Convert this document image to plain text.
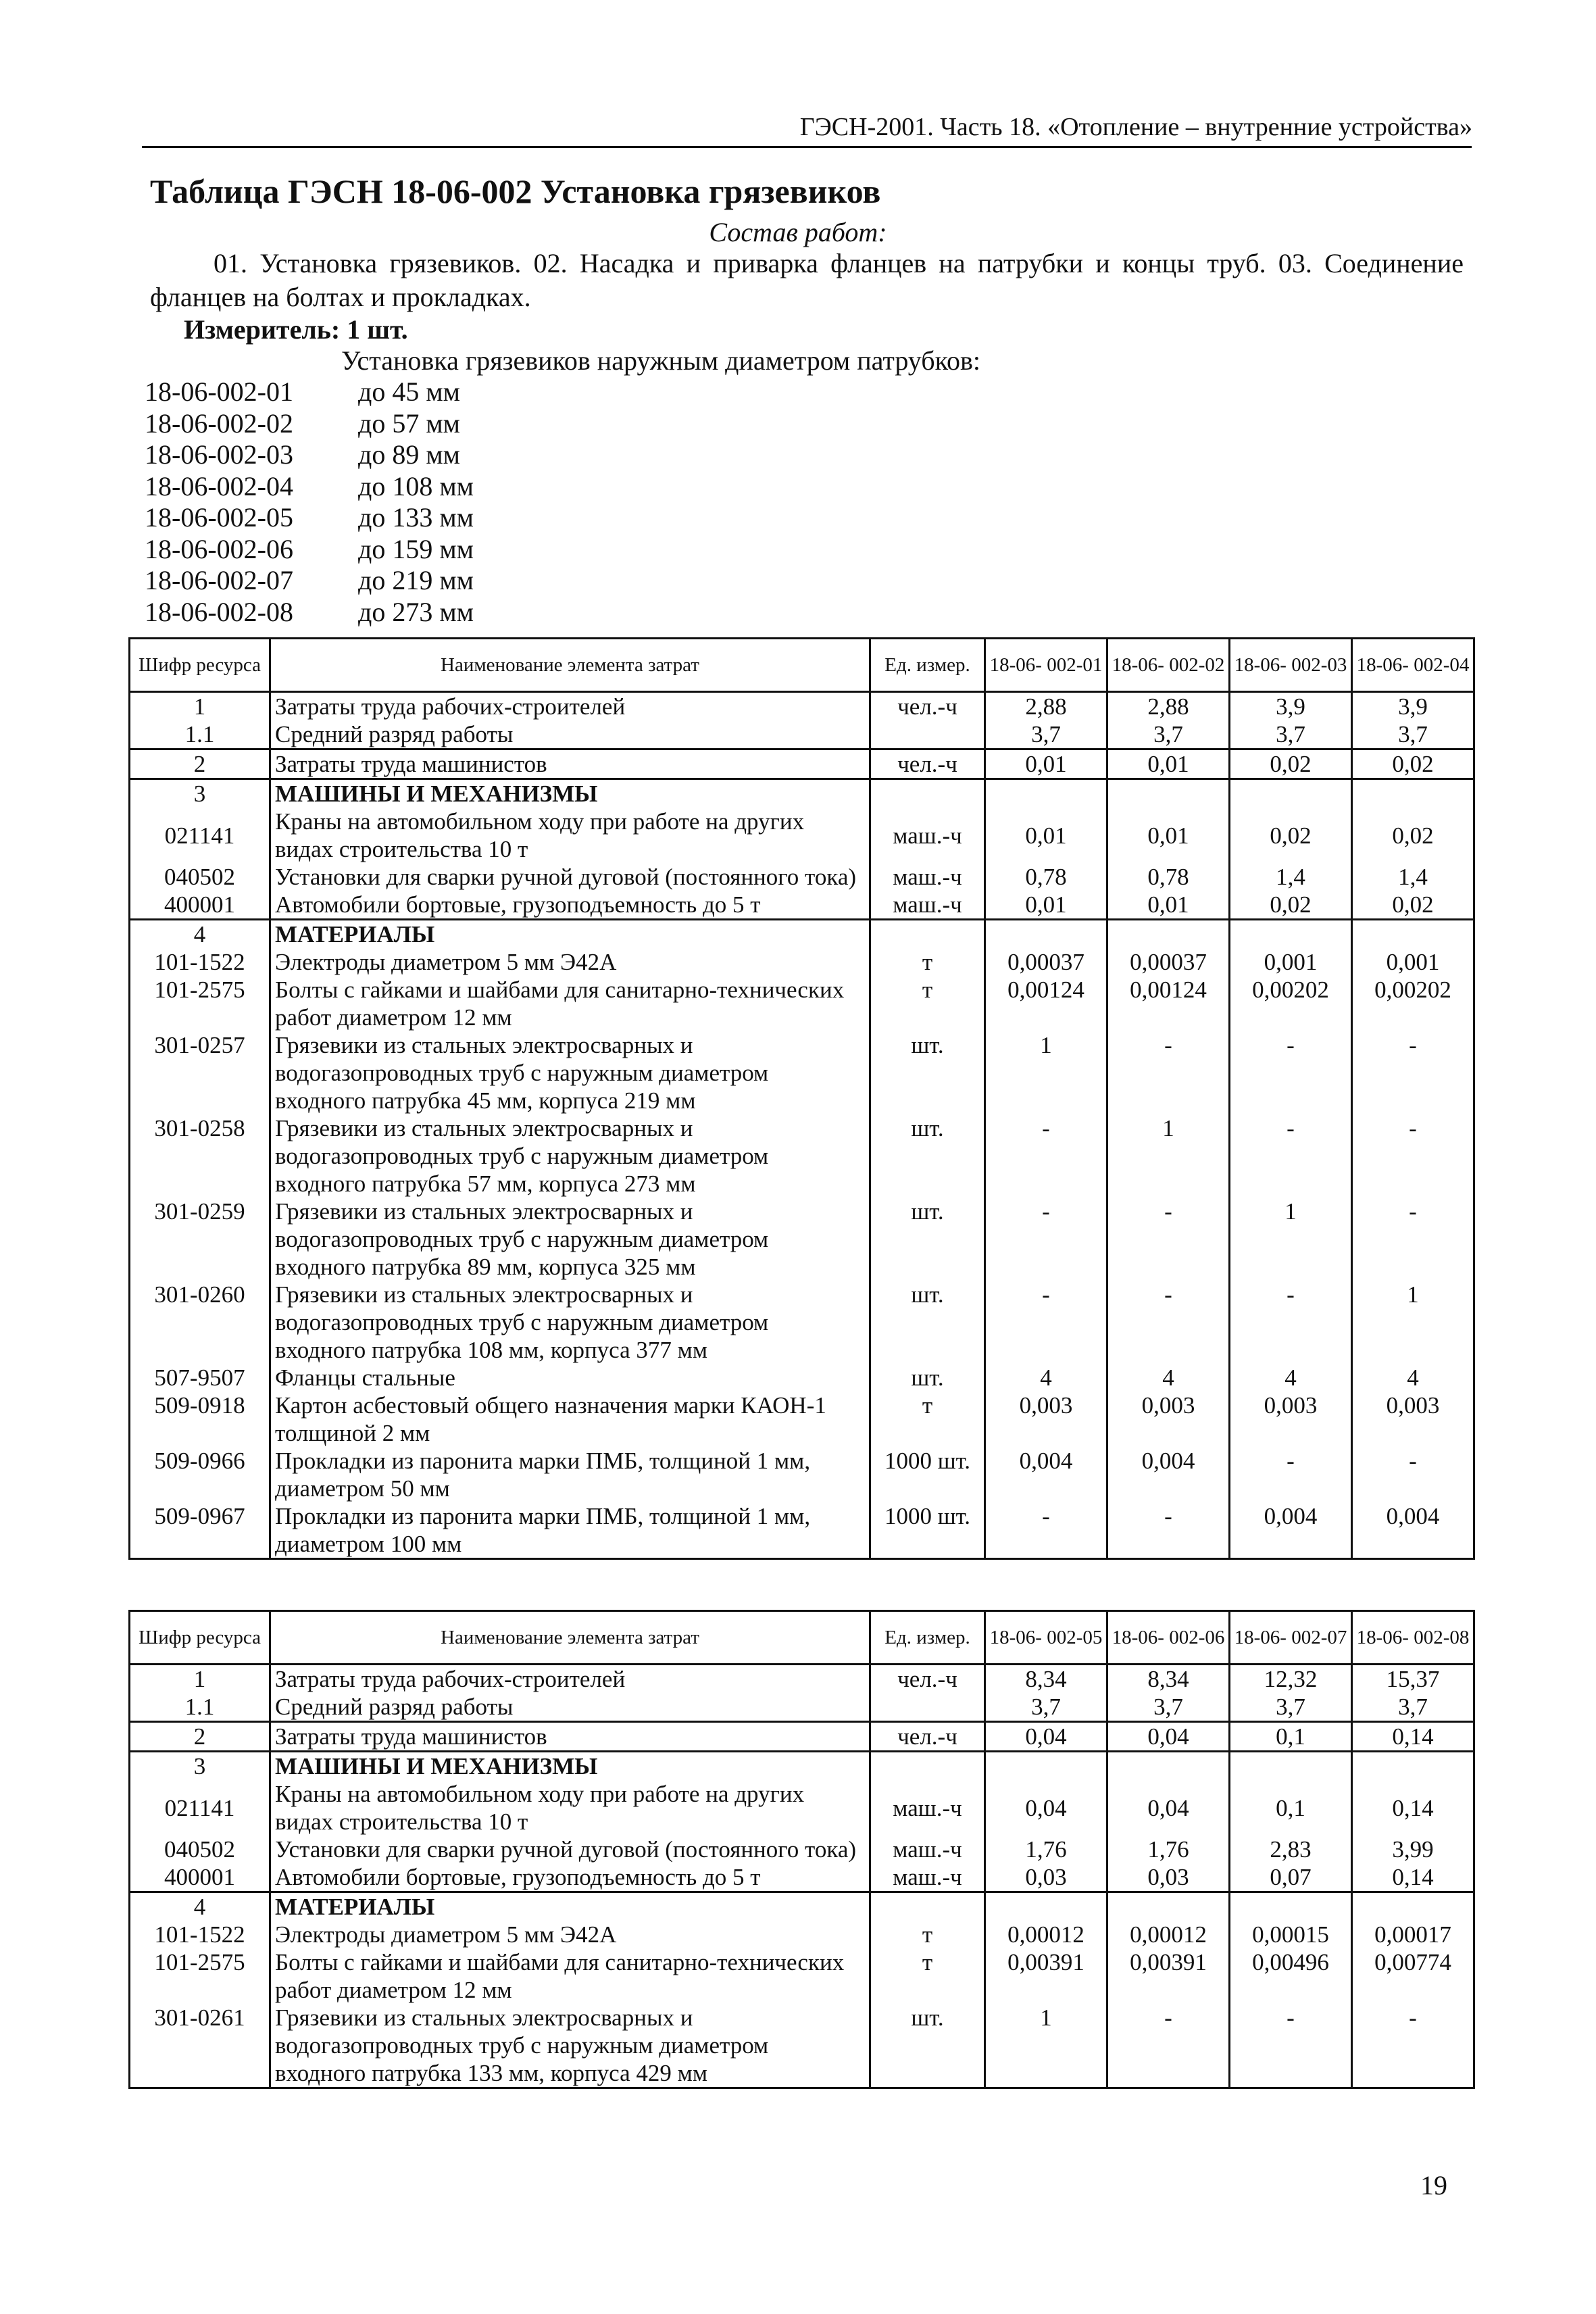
ГЭСН-2001. Часть 18. «Отопление – внутренние устройства»
Таблица ГЭСН 18-06-002 Установка грязевиков
Состав работ:
01. Установка грязевиков. 02. Насадка и приварка фланцев на патрубки и концы труб. 03. Соединение фланцев на болтах и прокладках.
Измеритель: 1 шт.
Установка грязевиков наружным диаметром патрубков:
18-06-002-01 до 45 мм
18-06-002-02 до 57 мм
18-06-002-03 до 89 мм
18-06-002-04 до 108 мм
18-06-002-05 до 133 мм
18-06-002-06 до 159 мм
18-06-002-07 до 219 мм
18-06-002-08 до 273 мм
Шифр ресурса	Наименование элемента затрат	Ед. измер.	18-06- 002-01	18-06- 002-02	18-06- 002-03	18-06- 002-04
1	Затраты труда рабочих-строителей	чел.-ч	2,88	2,88	3,9	3,9
1.1	Средний разряд работы		3,7	3,7	3,7	3,7
2	Затраты труда машинистов	чел.-ч	0,01	0,01	0,02	0,02
3	МАШИНЫ И МЕХАНИЗМЫ					
021141	Краны на автомобильном ходу при работе на других видах строительства 10 т	маш.-ч	0,01	0,01	0,02	0,02
040502	Установки для сварки ручной дуговой (постоянного тока)	маш.-ч	0,78	0,78	1,4	1,4
400001	Автомобили бортовые, грузоподъемность до 5 т	маш.-ч	0,01	0,01	0,02	0,02
4	МАТЕРИАЛЫ					
101-1522	Электроды диаметром 5 мм Э42А	т	0,00037	0,00037	0,001	0,001
101-2575	Болты с гайками и шайбами для санитарно-технических работ диаметром 12 мм	т	0,00124	0,00124	0,00202	0,00202
301-0257	Грязевики из стальных электросварных и водогазопроводных труб с наружным диаметром входного патрубка 45 мм, корпуса 219 мм	шт.	1	-	-	-
301-0258	Грязевики из стальных электросварных и водогазопроводных труб с наружным диаметром входного патрубка 57 мм, корпуса 273 мм	шт.	-	1	-	-
301-0259	Грязевики из стальных электросварных и водогазопроводных труб с наружным диаметром входного патрубка 89 мм, корпуса 325 мм	шт.	-	-	1	-
301-0260	Грязевики из стальных электросварных и водогазопроводных труб с наружным диаметром входного патрубка 108 мм, корпуса 377 мм	шт.	-	-	-	1
507-9507	Фланцы стальные	шт.	4	4	4	4
509-0918	Картон асбестовый общего назначения марки КАОН-1 толщиной 2 мм	т	0,003	0,003	0,003	0,003
509-0966	Прокладки из паронита марки ПМБ, толщиной 1 мм, диаметром 50 мм	1000 шт.	0,004	0,004	-	-
509-0967	Прокладки из паронита марки ПМБ, толщиной 1 мм, диаметром 100 мм	1000 шт.	-	-	0,004	0,004
Шифр ресурса	Наименование элемента затрат	Ед. измер.	18-06- 002-05	18-06- 002-06	18-06- 002-07	18-06- 002-08
1	Затраты труда рабочих-строителей	чел.-ч	8,34	8,34	12,32	15,37
1.1	Средний разряд работы		3,7	3,7	3,7	3,7
2	Затраты труда машинистов	чел.-ч	0,04	0,04	0,1	0,14
3	МАШИНЫ И МЕХАНИЗМЫ					
021141	Краны на автомобильном ходу при работе на других видах строительства 10 т	маш.-ч	0,04	0,04	0,1	0,14
040502	Установки для сварки ручной дуговой (постоянного тока)	маш.-ч	1,76	1,76	2,83	3,99
400001	Автомобили бортовые, грузоподъемность до 5 т	маш.-ч	0,03	0,03	0,07	0,14
4	МАТЕРИАЛЫ					
101-1522	Электроды диаметром 5 мм Э42А	т	0,00012	0,00012	0,00015	0,00017
101-2575	Болты с гайками и шайбами для санитарно-технических работ диаметром 12 мм	т	0,00391	0,00391	0,00496	0,00774
301-0261	Грязевики из стальных электросварных и водогазопроводных труб с наружным диаметром входного патрубка 133 мм, корпуса 429 мм	шт.	1	-	-	-
19
